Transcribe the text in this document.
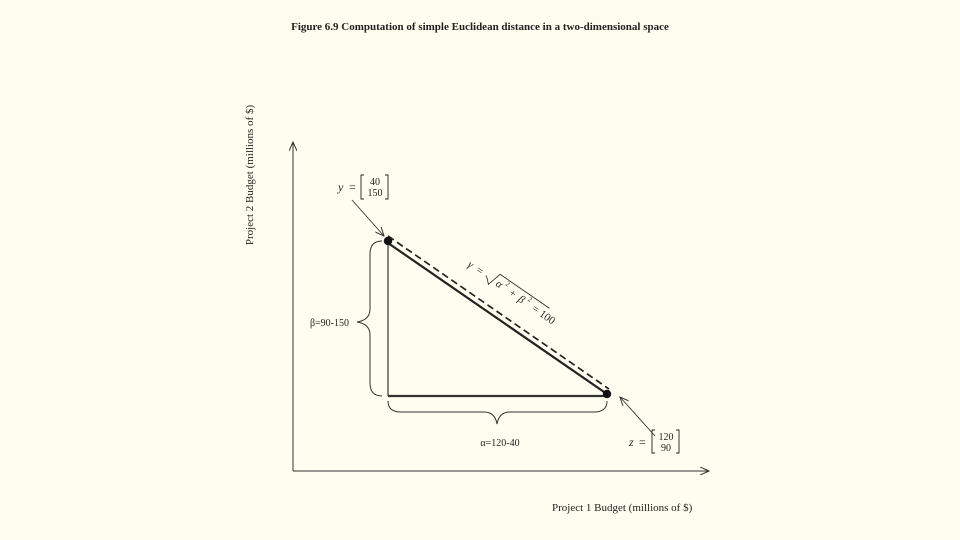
Figure 6.9 Computation of simple Euclidean distance in a two-dimensional space
y = 40
150
z = 120
90
β=90-150
α=120-40
γ
=
α
2
+
β 2
= 100
Project 2 Budget (millions of $)
Project 1 Budget (millions of $)
